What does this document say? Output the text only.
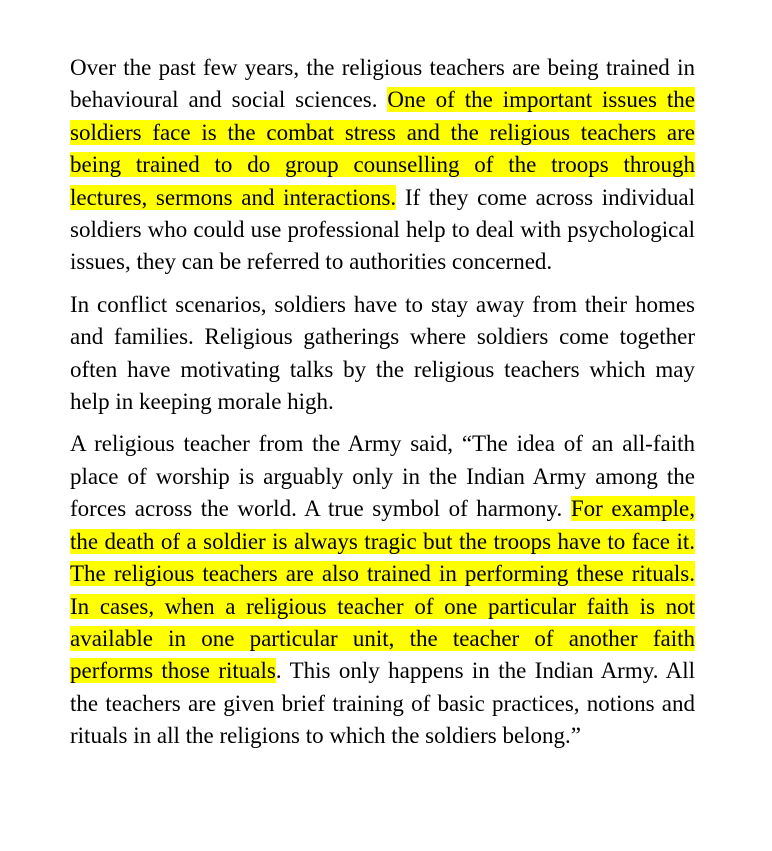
Over the past few years, the religious teachers are being trained in behavioural and social sciences. One of the important issues the soldiers face is the combat stress and the religious teachers are being trained to do group counselling of the troops through lectures, sermons and interactions. If they come across individual soldiers who could use professional help to deal with psychological issues, they can be referred to authorities concerned.

In conflict scenarios, soldiers have to stay away from their homes and families. Religious gatherings where soldiers come together often have motivating talks by the religious teachers which may help in keeping morale high.

A religious teacher from the Army said, “The idea of an all-faith place of worship is arguably only in the Indian Army among the forces across the world. A true symbol of harmony. For example, the death of a soldier is always tragic but the troops have to face it. The religious teachers are also trained in performing these rituals. In cases, when a religious teacher of one particular faith is not available in one particular unit, the teacher of another faith performs those rituals. This only happens in the Indian Army. All the teachers are given brief training of basic practices, notions and rituals in all the religions to which the soldiers belong.”
